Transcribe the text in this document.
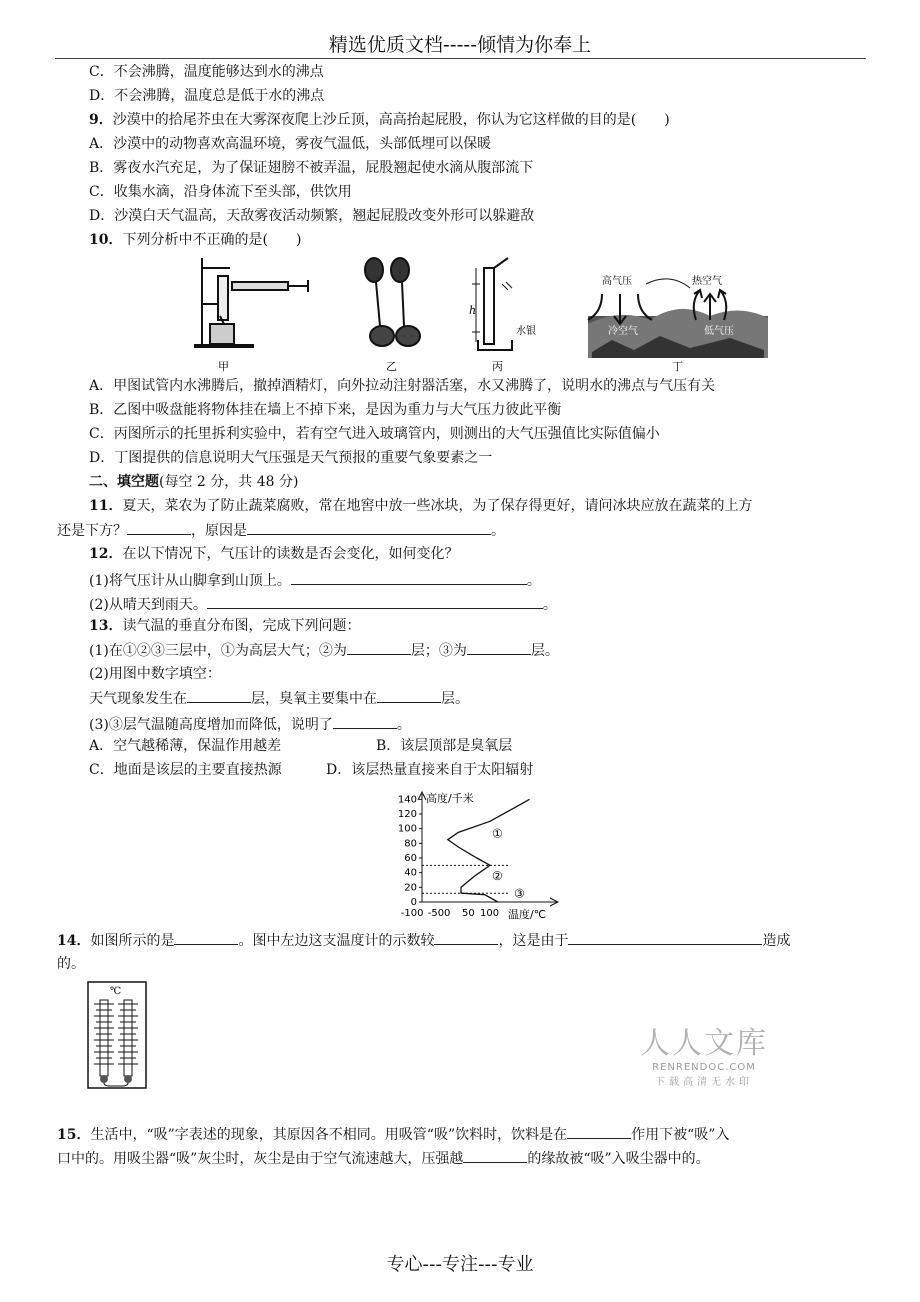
精选优质文档-----倾情为你奉上
C．不会沸腾，温度能够达到水的沸点
D．不会沸腾，温度总是低于水的沸点
9．沙漠中的拾尾芥虫在大雾深夜爬上沙丘顶，高高抬起屁股，你认为它这样做的目的是(　　)
A．沙漠中的动物喜欢高温环境，雾夜气温低，头部低埋可以保暖
B．雾夜水汽充足，为了保证翅膀不被弄温，屁股翘起使水滴从腹部流下
C．收集水滴，沿身体流下至头部，供饮用
D．沙漠白天气温高，天敌雾夜活动频繁，翘起屁股改变外形可以躲避敌
10．下列分析中不正确的是(　　)
h
水银
高气压	热空气
冷空气	低气压
甲	乙	丙	丁
A．甲图试管内水沸腾后，撤掉酒精灯，向外拉动注射器活塞，水又沸腾了，说明水的沸点与气压有关
B．乙图中吸盘能将物体挂在墙上不掉下来，是因为重力与大气压力彼此平衡
C．丙图所示的托里拆利实验中，若有空气进入玻璃管内，则测出的大气压强值比实际值偏小
D．丁图提供的信息说明大气压强是天气预报的重要气象要素之一
二、填空题(每空 2 分，共 48 分)
11．夏天，菜农为了防止蔬菜腐败，常在地窖中放一些冰块，为了保存得更好，请问冰块应放在蔬菜的上方
还是下方？	，原因是	。
12．在以下情况下，气压计的读数是否会变化，如何变化？
(1)将气压计从山脚拿到山顶上。	。
(2)从晴天到雨天。	。
13．读气温的垂直分布图，完成下列问题：
(1)在①②③三层中，①为高层大气；②为	层；③为	层。
(2)用图中数字填空：
天气现象发生在	层，臭氧主要集中在	层。
(3)③层气温随高度增加而降低，说明了	。
A．空气越稀薄，保温作用越差	B．该层顶部是臭氧层
C．地面是该层的主要直接热源	D．该层热量直接来自于太阳辐射
0
20
40
60
80
100
120
140
-100 -50 0 50 100
①
②
③
高度/千米
温度/℃
14．如图所示的是	。图中左边这支温度计的示数较	，这是由于	造成
的。
℃
人人文库
RENRENDOC.COM
下载高清无水印
15．生活中，“吸”字表述的现象，其原因各不相同。用吸管“吸”饮料时，饮料是在	作用下被“吸”入
口中的。用吸尘器“吸”灰尘时，灰尘是由于空气流速越大，压强越	的缘故被“吸”入吸尘器中的。
专心---专注---专业
